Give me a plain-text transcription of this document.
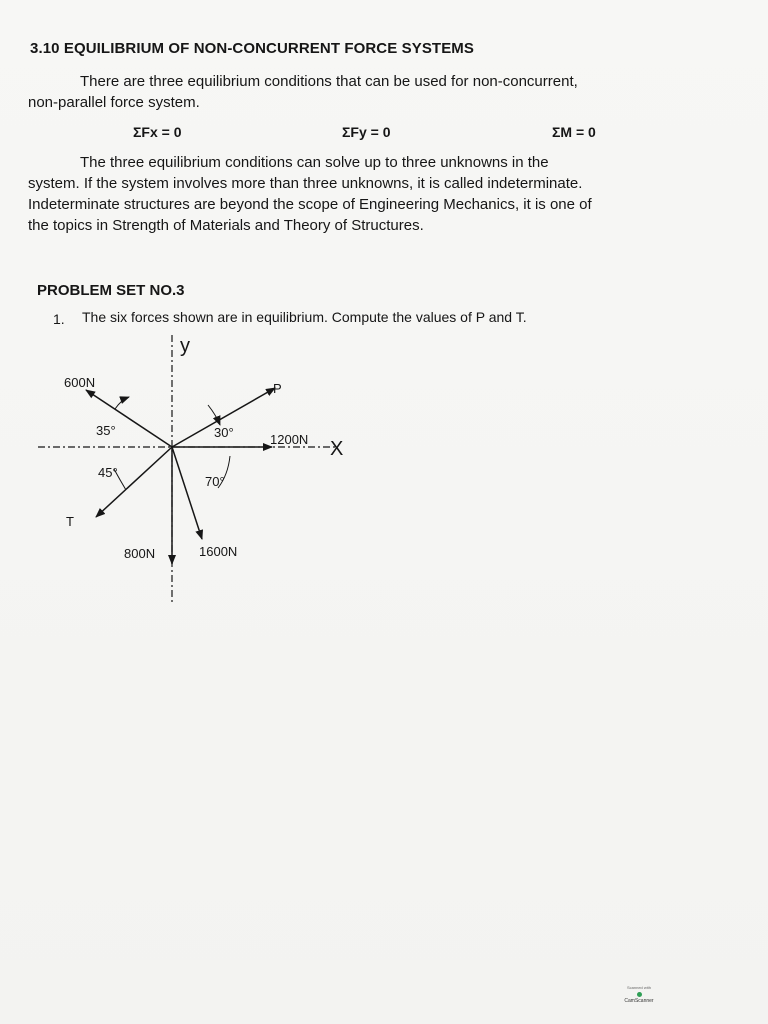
3.10 EQUILIBRIUM OF NON-CONCURRENT FORCE SYSTEMS

There are three equilibrium conditions that can be used for non-concurrent,
non-parallel force system.

ΣFx = 0	ΣFy = 0	ΣM = 0

The three equilibrium conditions can solve up to three unknowns in the
system. If the system involves more than three unknowns, it is called indeterminate.
Indeterminate structures are beyond the scope of Engineering Mechanics, it is one of
the topics in Strength of Materials and Theory of Structures.

PROBLEM SET NO.3
1. The six forces shown are in equilibrium. Compute the values of P and T.
y
X
600N
35°
P
30°	1200N
T
45°
800N	1600N
70°
Scanned with
CamScanner
